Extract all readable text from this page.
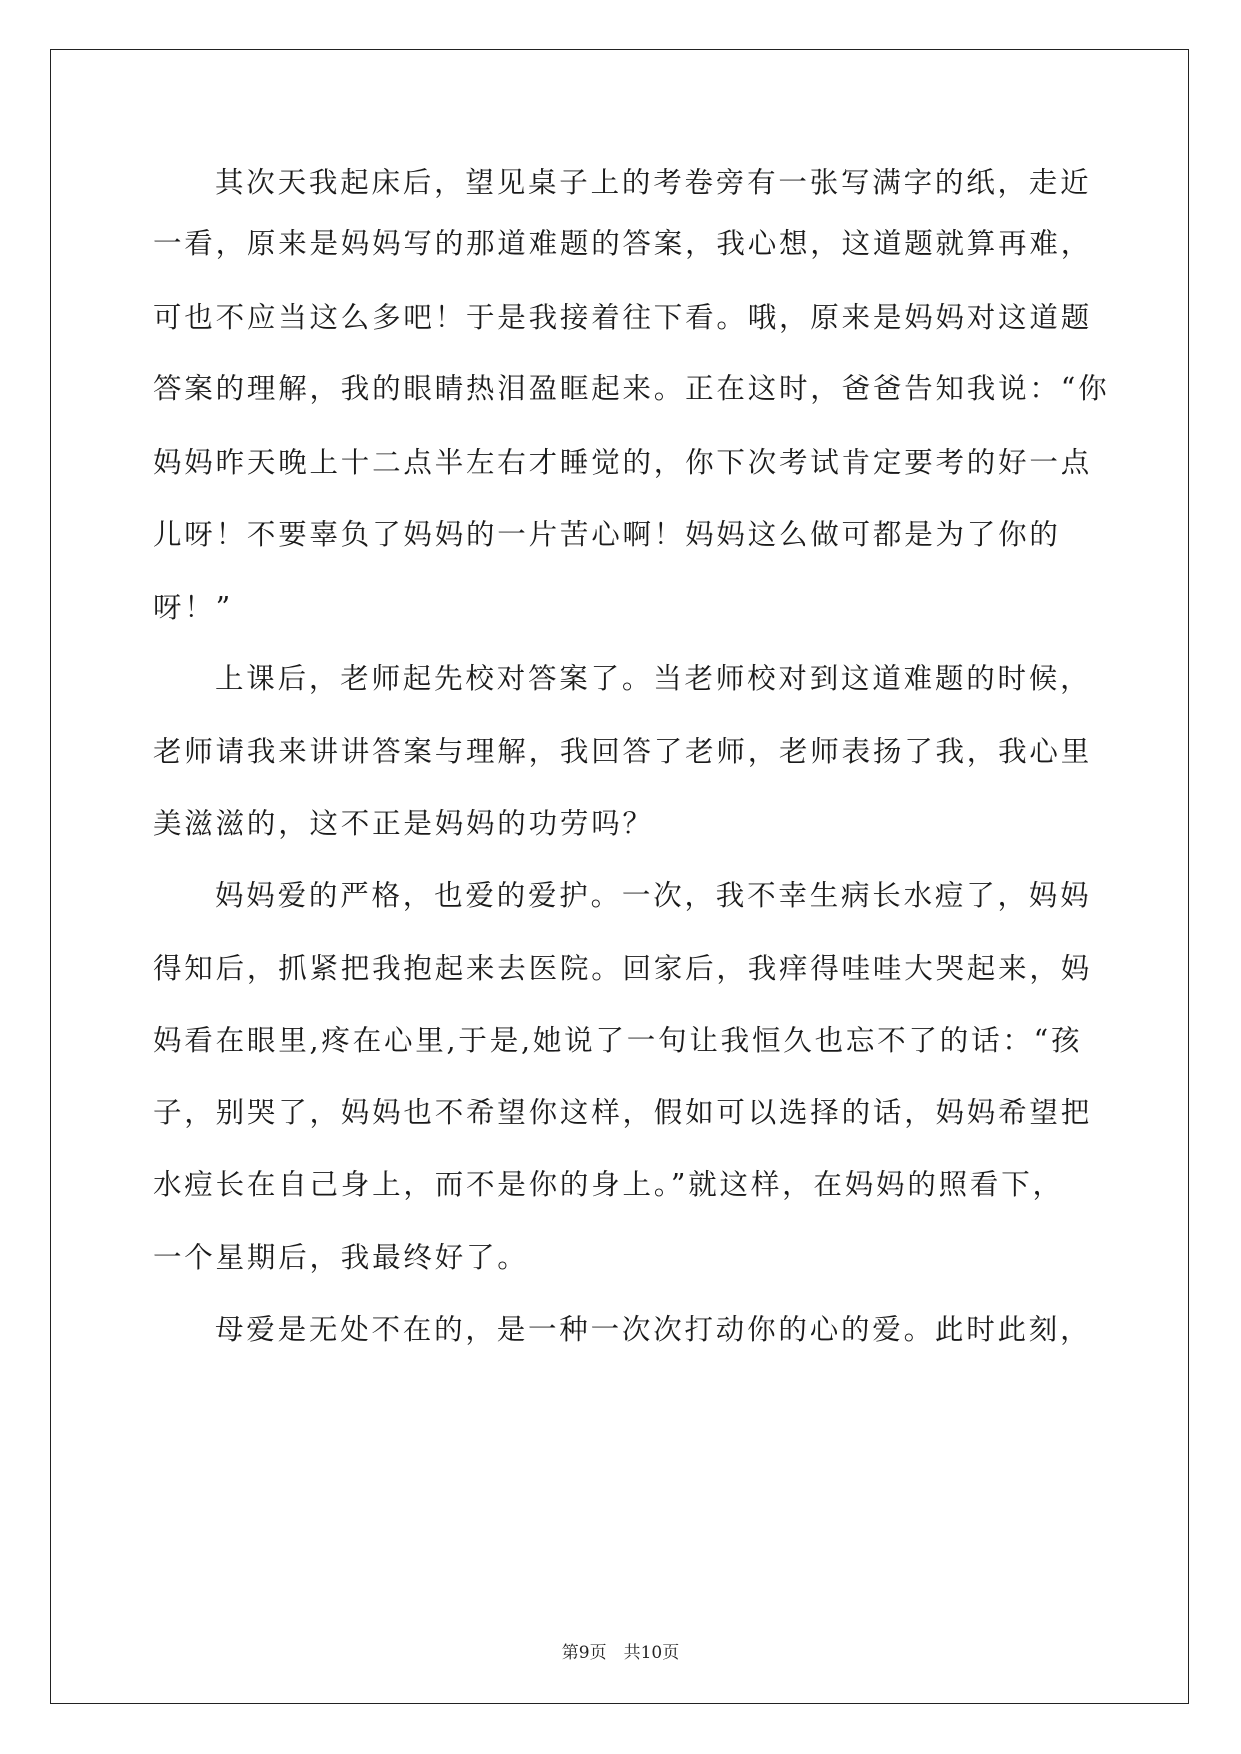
其次天我起床后，望见桌子上的考卷旁有一张写满字的纸，走近
一看，原来是妈妈写的那道难题的答案，我心想，这道题就算再难，
可也不应当这么多吧！于是我接着往下看。哦，原来是妈妈对这道题
答案的理解，我的眼睛热泪盈眶起来。正在这时，爸爸告知我说：“你
妈妈昨天晚上十二点半左右才睡觉的，你下次考试肯定要考的好一点
儿呀！不要辜负了妈妈的一片苦心啊！妈妈这么做可都是为了你的
呀！”
上课后，老师起先校对答案了。当老师校对到这道难题的时候，
老师请我来讲讲答案与理解，我回答了老师，老师表扬了我，我心里
美滋滋的，这不正是妈妈的功劳吗？
妈妈爱的严格，也爱的爱护。一次，我不幸生病长水痘了，妈妈
得知后，抓紧把我抱起来去医院。回家后，我痒得哇哇大哭起来，妈
妈看在眼里,疼在心里,于是,她说了一句让我恒久也忘不了的话：“孩
子，别哭了，妈妈也不希望你这样，假如可以选择的话，妈妈希望把
水痘长在自己身上，而不是你的身上。”就这样，在妈妈的照看下，
一个星期后，我最终好了。
母爱是无处不在的，是一种一次次打动你的心的爱。此时此刻，
第9页　共10页
